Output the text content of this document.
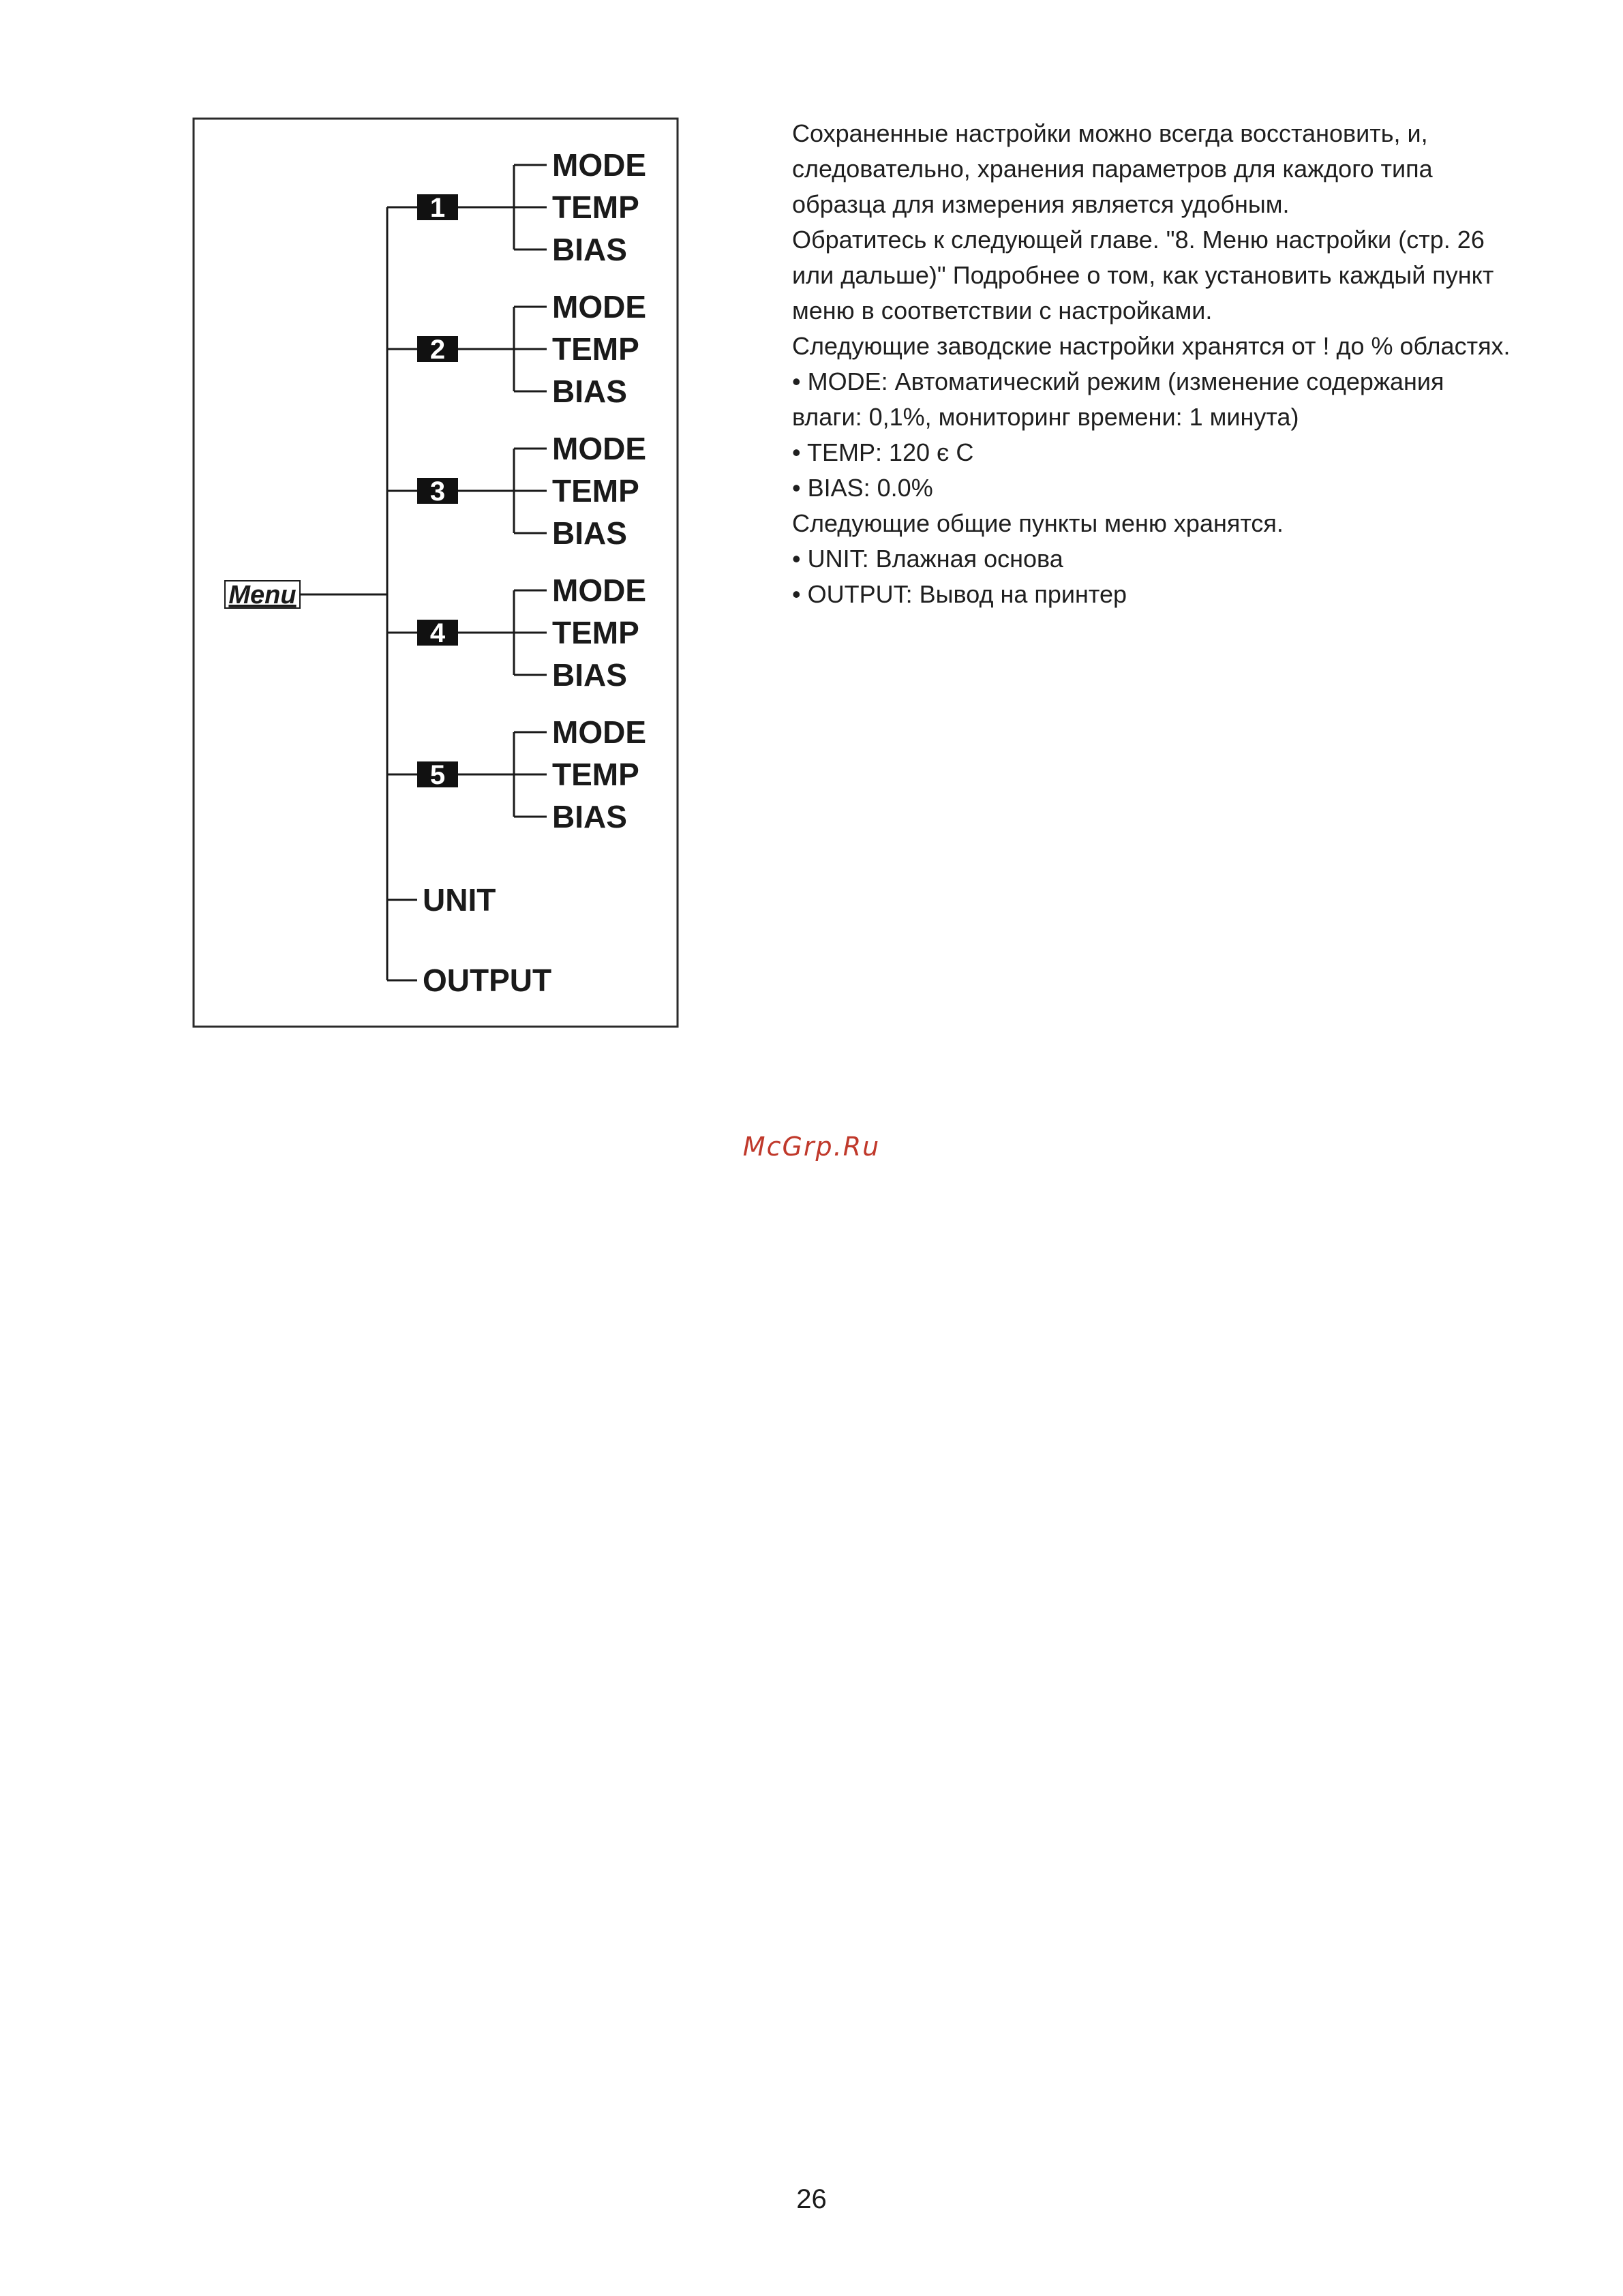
Menu
1
MODE
TEMP
BIAS
2
MODE
TEMP
BIAS
3
MODE
TEMP
BIAS
4
MODE
TEMP
BIAS
5
MODE
TEMP
BIAS
UNIT
OUTPUT

Сохраненные настройки можно всегда восстановить, и, следовательно, хранения параметров для каждого типа образца для измерения является удобным.

Обратитесь к следующей главе. "8. Меню настройки (стр. 26 или дальше)" Подробнее о том, как установить каждый пункт меню в соответствии с настройками.

Следующие заводские настройки хранятся от ! до % областях.

• MODE: Автоматический режим (изменение содержания влаги: 0,1%, мониторинг времени: 1 минута)

• TEMP: 120 є С

• BIAS: 0.0%

Следующие общие пункты меню хранятся.

• UNIT: Влажная основа

• OUTPUT: Вывод на принтер

McGrp.Ru
26
